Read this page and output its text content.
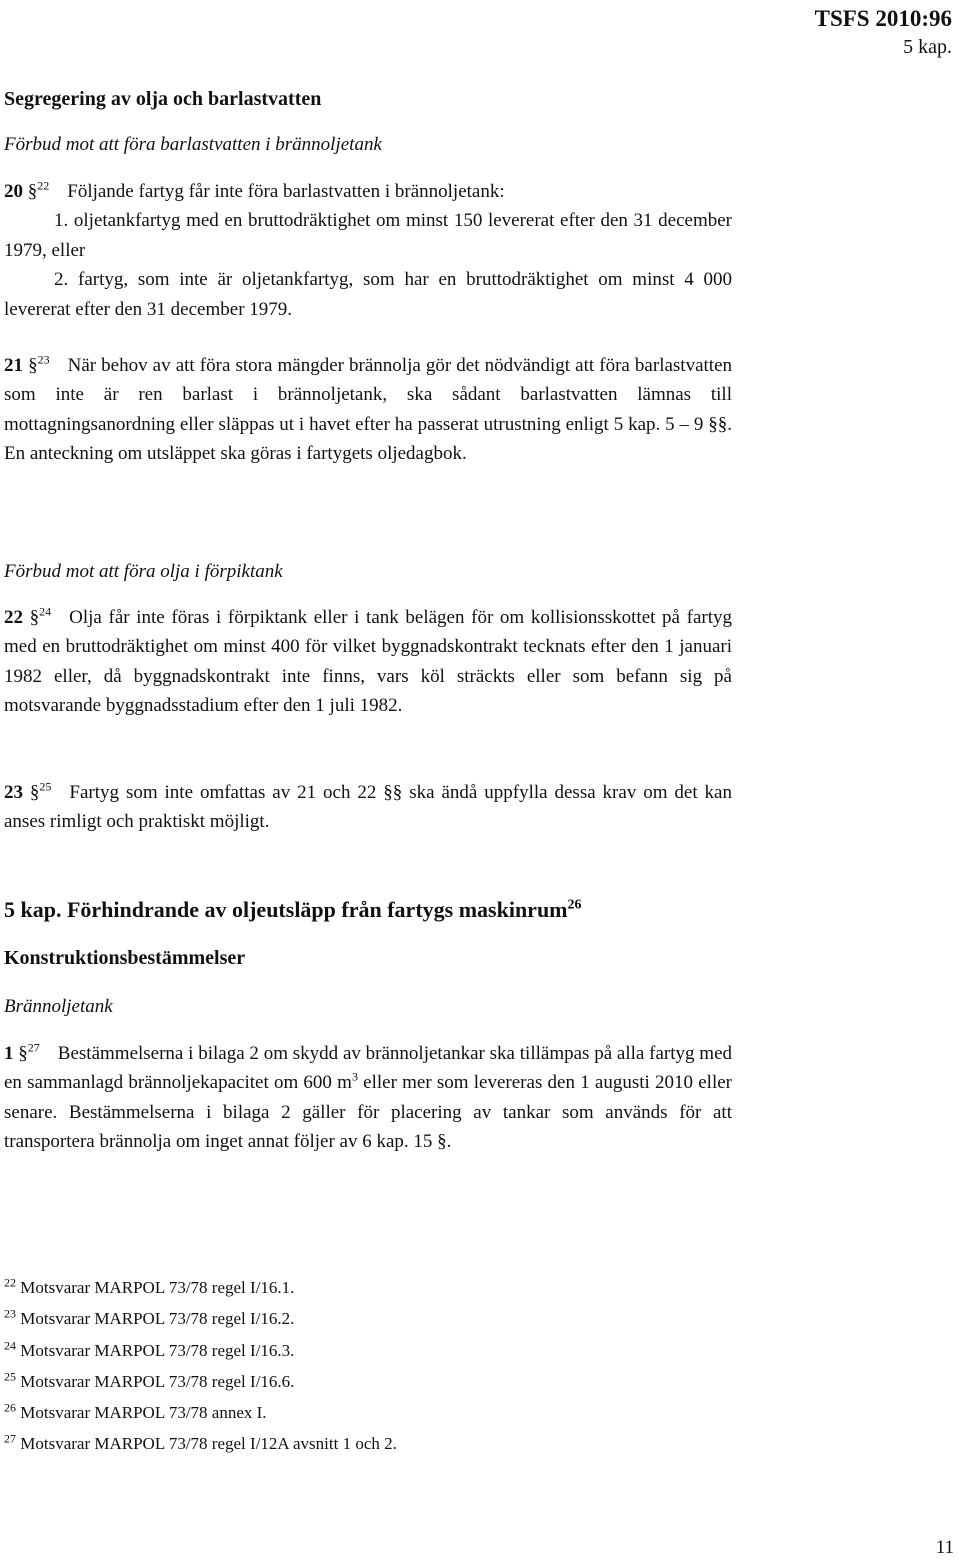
TSFS 2010:96
5 kap.

Segregering av olja och barlastvatten

Förbud mot att föra barlastvatten i brännoljetank

20 §$^{22}$ Följande fartyg får inte föra barlastvatten i brännoljetank:

1. oljetankfartyg med en bruttodräktighet om minst 150 levererat efter den 31 december 1979, eller

2. fartyg, som inte är oljetankfartyg, som har en bruttodräktighet om minst 4 000 levererat efter den 31 december 1979.

21 §$^{23}$ När behov av att föra stora mängder brännolja gör det nödvändigt att föra barlastvatten som inte är ren barlast i brännoljetank, ska sådant barlastvatten lämnas till mottagningsanordning eller släppas ut i havet efter ha passerat utrustning enligt 5 kap. 5 – 9 §§. En anteckning om utsläppet ska göras i fartygets oljedagbok.

Förbud mot att föra olja i förpiktank

22 §$^{24}$ Olja får inte föras i förpiktank eller i tank belägen för om kollisionsskottet på fartyg med en bruttodräktighet om minst 400 för vilket byggnadskontrakt tecknats efter den 1 januari 1982 eller, då byggnadskontrakt inte finns, vars köl sträckts eller som befann sig på motsvarande byggnadsstadium efter den 1 juli 1982.

23 §$^{25}$ Fartyg som inte omfattas av 21 och 22 §§ ska ändå uppfylla dessa krav om det kan anses rimligt och praktiskt möjligt.

5 kap. Förhindrande av oljeutsläpp från fartygs maskinrum$^{26}$

Konstruktionsbestämmelser

Brännoljetank

1 §$^{27}$ Bestämmelserna i bilaga 2 om skydd av brännoljetankar ska tillämpas på alla fartyg med en sammanlagd brännoljekapacitet om 600 $m^3$ eller mer som levereras den 1 augusti 2010 eller senare. Bestämmelserna i bilaga 2 gäller för placering av tankar som används för att transportera brännolja om inget annat följer av 6 kap. 15 §.

$^{22}$ Motsvarar MARPOL 73/78 regel I/16.1.
$^{23}$ Motsvarar MARPOL 73/78 regel I/16.2.
$^{24}$ Motsvarar MARPOL 73/78 regel I/16.3.
$^{25}$ Motsvarar MARPOL 73/78 regel I/16.6.
$^{26}$ Motsvarar MARPOL 73/78 annex I.
$^{27}$ Motsvarar MARPOL 73/78 regel I/12A avsnitt 1 och 2.
11
